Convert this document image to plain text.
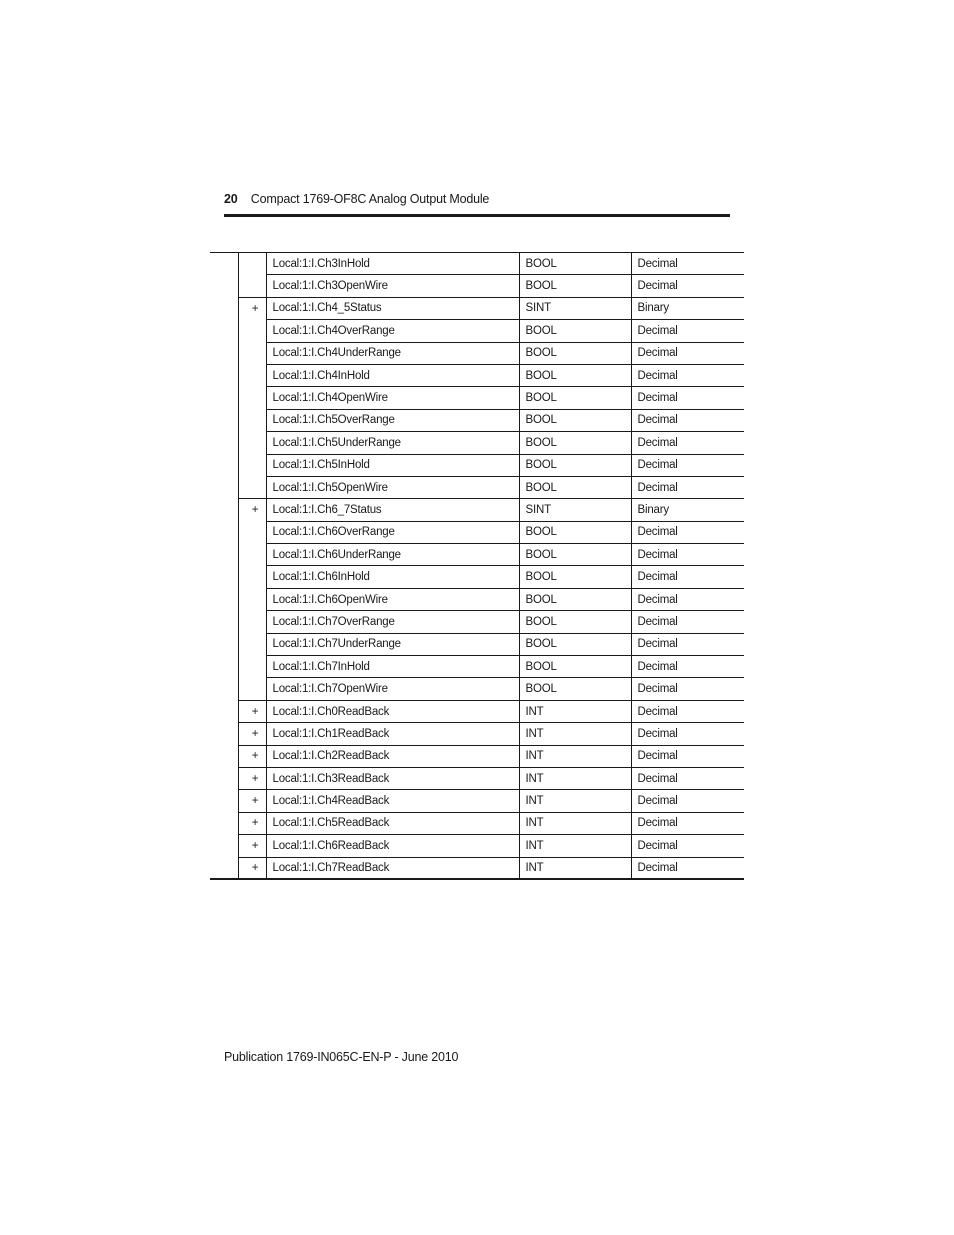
20 Compact 1769-OF8C Analog Output Module
		Local:1:I.Ch3InHold	BOOL	Decimal
		Local:1:I.Ch3OpenWire	BOOL	Decimal
	+	Local:1:I.Ch4_5Status	SINT	Binary
		Local:1:I.Ch4OverRange	BOOL	Decimal
		Local:1:I.Ch4UnderRange	BOOL	Decimal
		Local:1:I.Ch4InHold	BOOL	Decimal
		Local:1:I.Ch4OpenWire	BOOL	Decimal
		Local:1:I.Ch5OverRange	BOOL	Decimal
		Local:1:I.Ch5UnderRange	BOOL	Decimal
		Local:1:I.Ch5InHold	BOOL	Decimal
		Local:1:I.Ch5OpenWire	BOOL	Decimal
	+	Local:1:I.Ch6_7Status	SINT	Binary
		Local:1:I.Ch6OverRange	BOOL	Decimal
		Local:1:I.Ch6UnderRange	BOOL	Decimal
		Local:1:I.Ch6InHold	BOOL	Decimal
		Local:1:I.Ch6OpenWire	BOOL	Decimal
		Local:1:I.Ch7OverRange	BOOL	Decimal
		Local:1:I.Ch7UnderRange	BOOL	Decimal
		Local:1:I.Ch7InHold	BOOL	Decimal
		Local:1:I.Ch7OpenWire	BOOL	Decimal
	+	Local:1:I.Ch0ReadBack	INT	Decimal
	+	Local:1:I.Ch1ReadBack	INT	Decimal
	+	Local:1:I.Ch2ReadBack	INT	Decimal
	+	Local:1:I.Ch3ReadBack	INT	Decimal
	+	Local:1:I.Ch4ReadBack	INT	Decimal
	+	Local:1:I.Ch5ReadBack	INT	Decimal
	+	Local:1:I.Ch6ReadBack	INT	Decimal
	+	Local:1:I.Ch7ReadBack	INT	Decimal
Publication 1769-IN065C-EN-P - June 2010
